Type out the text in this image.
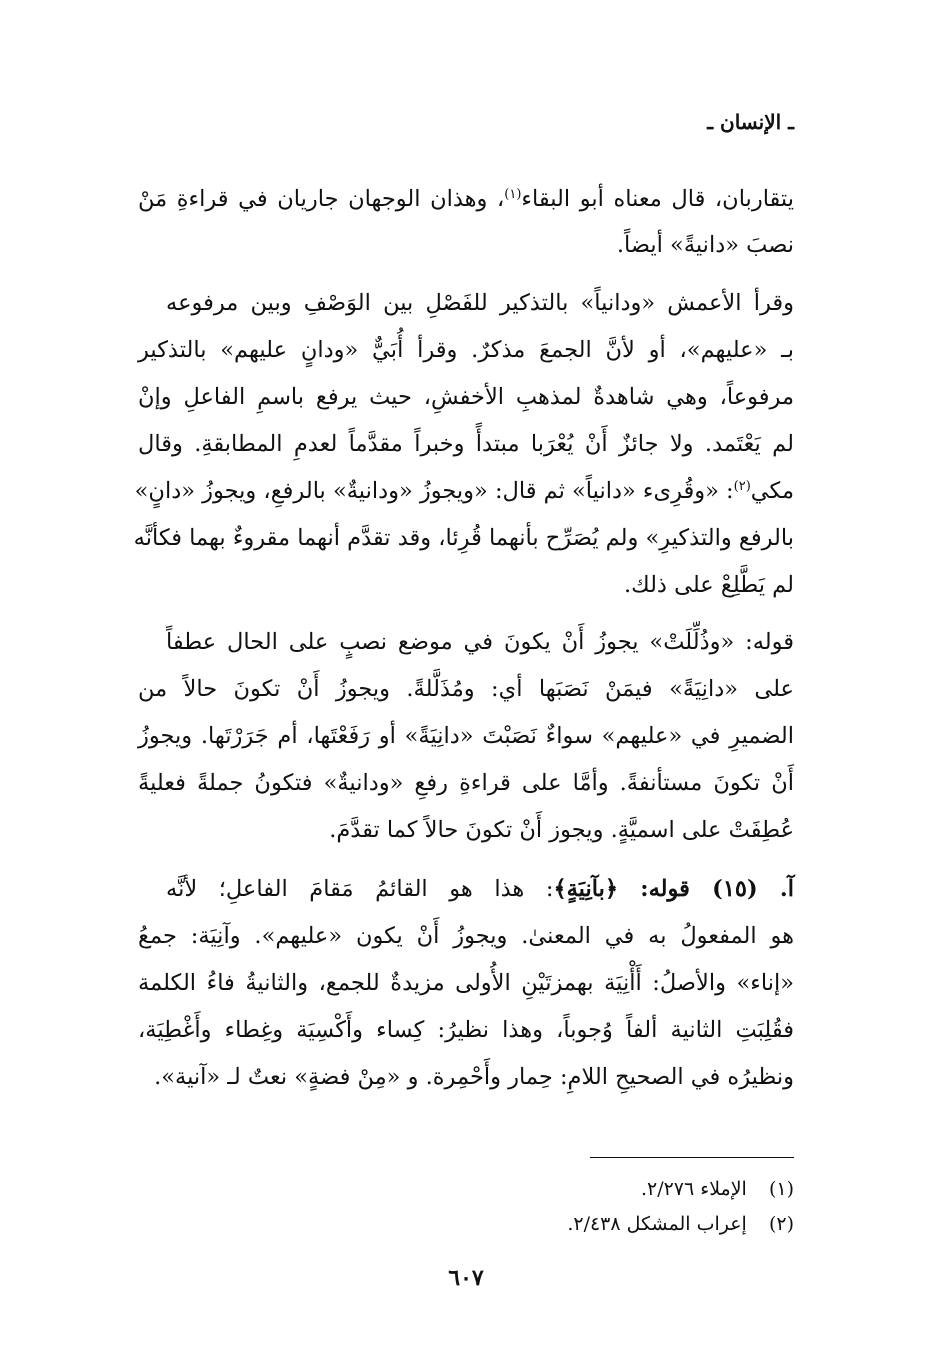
ـ الإنسان ـ
يتقاربان، قال معناه أبو البقاء$^{(١)}$، وهذان الوجهان جاريان في قراءةِ مَنْ
نصبَ «دانيةً» أيضاً.
وقرأ الأعمش «ودانياً» بالتذكير للفَصْلِ بين الوَصْفِ وبين مرفوعه
بـ «عليهم»، أو لأنَّ الجمعَ مذكرٌ. وقرأ أُبَيٌّ «ودانٍ عليهم» بالتذكير
مرفوعاً، وهي شاهدةٌ لمذهبِ الأخفشِ، حيث يرفع باسمِ الفاعلِ وإنْ
لم يَعْتَمد. ولا جائزٌ أَنْ يُعْرَبا مبتدأً وخبراً مقدَّماً لعدمِ المطابقةِ. وقال
مكي$^{(٢)}$: «وقُرِىء «دانياً» ثم قال: «ويجوزُ «ودانيةٌ» بالرفعِ، ويجوزُ «دانٍ»
بالرفع والتذكيرِ» ولم يُصَرِّح بأنهما قُرِئا، وقد تقدَّم أنهما مقروءٌ بهما فكأنَّه
لم يَطَّلِعْ على ذلك.
قوله: «وذُلِّلَتْ» يجوزُ أَنْ يكونَ في موضع نصبٍ على الحال عطفاً
على «دانِيَةً» فيمَنْ نَصَبَها أي: ومُذَلَّلةً. ويجوزُ أَنْ تكونَ حالاً من
الضميرِ في «عليهم» سواءٌ نَصَبْتَ «دانِيَةً» أو رَفَعْتَها، أم جَرَرْتَها. ويجوزُ
أَنْ تكونَ مستأنفةً. وأمَّا على قراءةِ رفعِ «ودانيةٌ» فتكونُ جملةً فعليةً
عُطِفَتْ على اسميَّةٍ. ويجوز أَنْ تكونَ حالاً كما تقدَّمَ.
آ. (١٥) قوله: ﴿بآنِيَةٍ﴾: هذا هو القائمُ مَقامَ الفاعلِ؛ لأنَّه
هو المفعولُ به في المعنىٰ. ويجوزُ أَنْ يكون «عليهم». وآنِيَة: جمعُ
«إناء» والأصلُ: أَأْنِيَة بهمزتَيْنِ الأُولى مزيدةٌ للجمع، والثانيةُ فاءُ الكلمة
فقُلِبَتِ الثانية ألفاً وُجوباً، وهذا نظيرُ: كِساء وأَكْسِيَة وغِطاء وأَغْطِيَة،
ونظيرُه في الصحيحِ اللامِ: حِمار وأَحْمِرة. و «مِنْ فضةٍ» نعتٌ لـ «آنية».
(١)  الإملاء ٢/٢٧٦.
(٢)  إعراب المشكل ٢/٤٣٨.
٦٠٧
